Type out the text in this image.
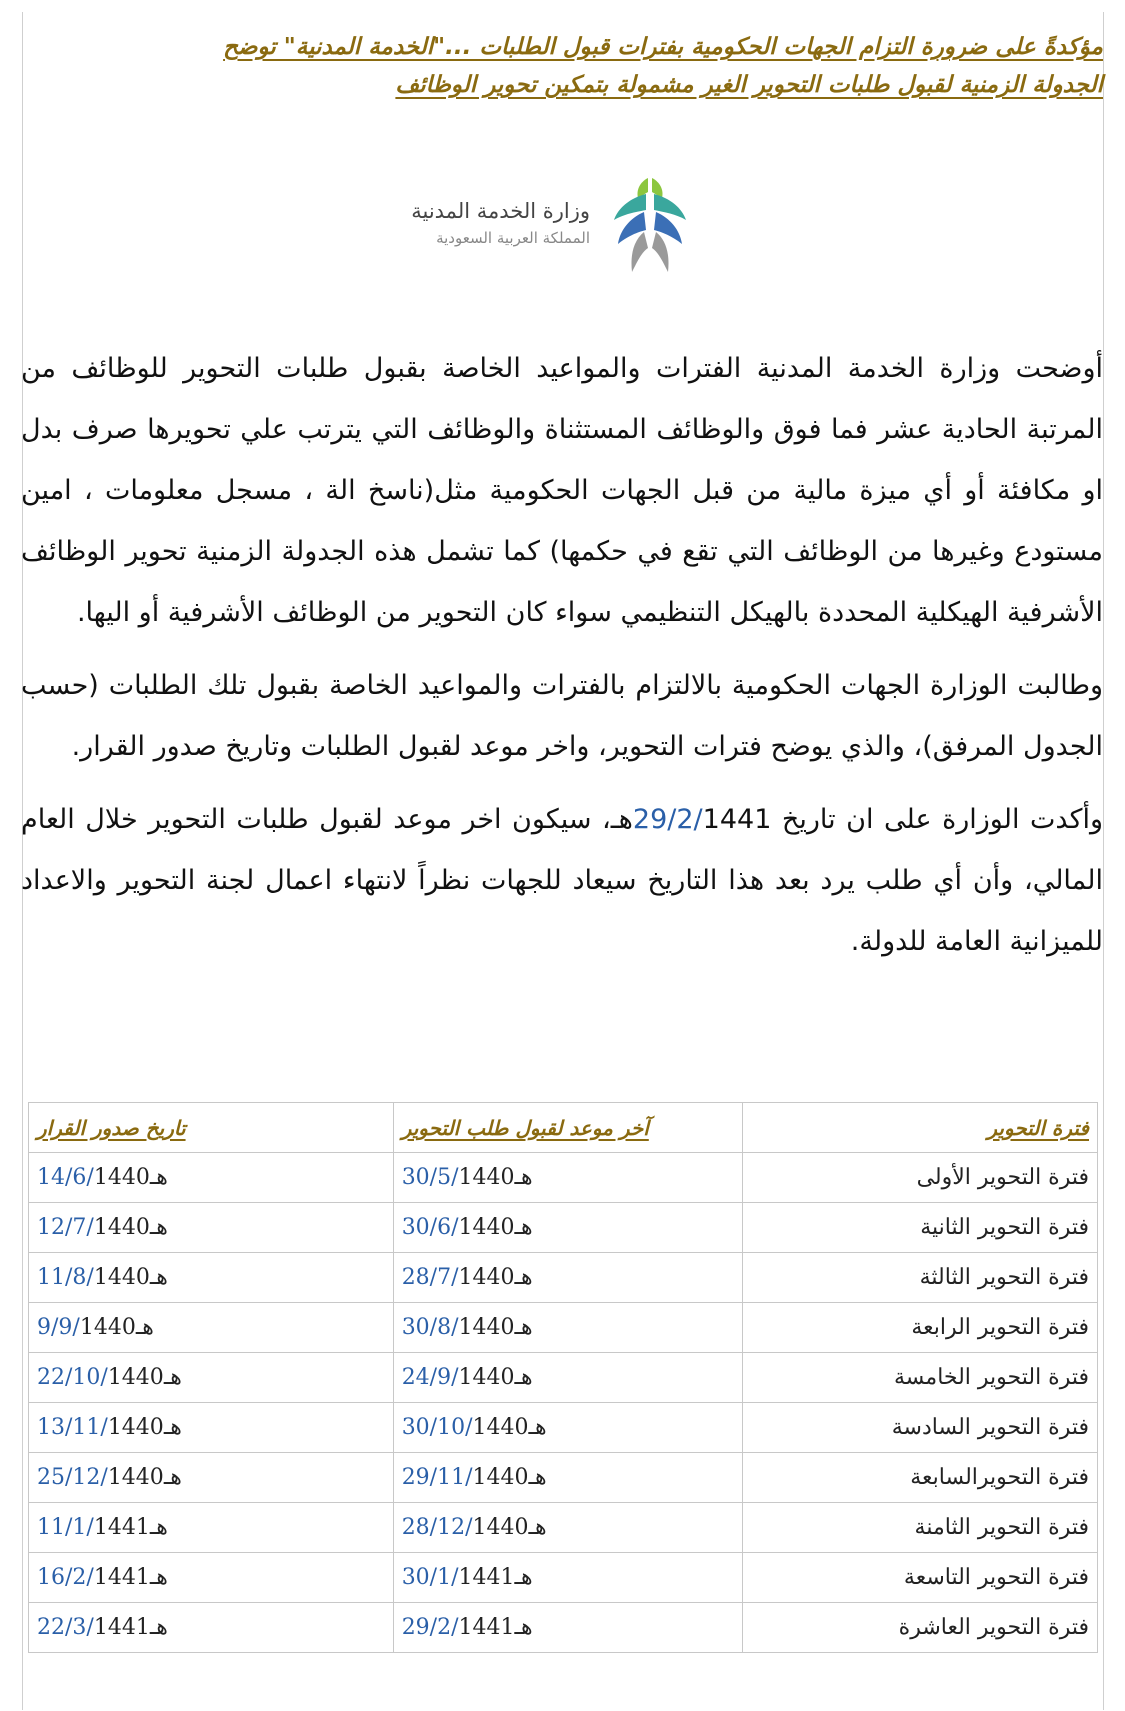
مؤكدةً على ضرورة التزام الجهات الحكومية بفترات قبول الطلبات ..."الخدمة المدنية" توضح
الجدولة الزمنية لقبول طلبات التحوير الغير مشمولة بتمكين تحوير الوظائف
وزارة الخدمة المدنية
المملكة العربية السعودية

أوضحت وزارة الخدمة المدنية الفترات والمواعيد الخاصة بقبول طلبات التحوير للوظائف من المرتبة الحادية عشر فما فوق والوظائف المستثناة والوظائف التي يترتب علي تحويرها صرف بدل او مكافئة أو أي ميزة مالية من قبل الجهات الحكومية مثل(ناسخ الة ، مسجل معلومات ، امين مستودع وغيرها من الوظائف التي تقع في حكمها) كما تشمل هذه الجدولة الزمنية تحوير الوظائف الأشرفية الهيكلية المحددة بالهيكل التنظيمي سواء كان التحوير من الوظائف الأشرفية أو اليها.

وطالبت الوزارة الجهات الحكومية بالالتزام بالفترات والمواعيد الخاصة بقبول تلك الطلبات (حسب الجدول المرفق)، والذي يوضح فترات التحوير، واخر موعد لقبول الطلبات وتاريخ صدور القرار.

وأكدت الوزارة على ان تاريخ 29/2/1441هـ، سيكون اخر موعد لقبول طلبات التحوير خلال العام المالي، وأن أي طلب يرد بعد هذا التاريخ سيعاد للجهات نظراً لانتهاء اعمال لجنة التحوير والاعداد للميزانية العامة للدولة.

فترة التحوير	آخر موعد لقبول طلب التحوير	تاريخ صدور القرار
فترة التحوير الأولى	هـ30/5/1440	هـ14/6/1440
فترة التحوير الثانية	هـ30/6/1440	هـ12/7/1440
فترة التحوير الثالثة	هـ28/7/1440	هـ11/8/1440
فترة التحوير الرابعة	هـ30/8/1440	هـ9/9/1440
فترة التحوير الخامسة	هـ24/9/1440	هـ22/10/1440
فترة التحوير السادسة	هـ30/10/1440	هـ13/11/1440
فترة التحويرالسابعة	هـ29/11/1440	هـ25/12/1440
فترة التحوير الثامنة	هـ28/12/1440	هـ11/1/1441
فترة التحوير التاسعة	هـ30/1/1441	هـ16/2/1441
فترة التحوير العاشرة	هـ29/2/1441	هـ22/3/1441
